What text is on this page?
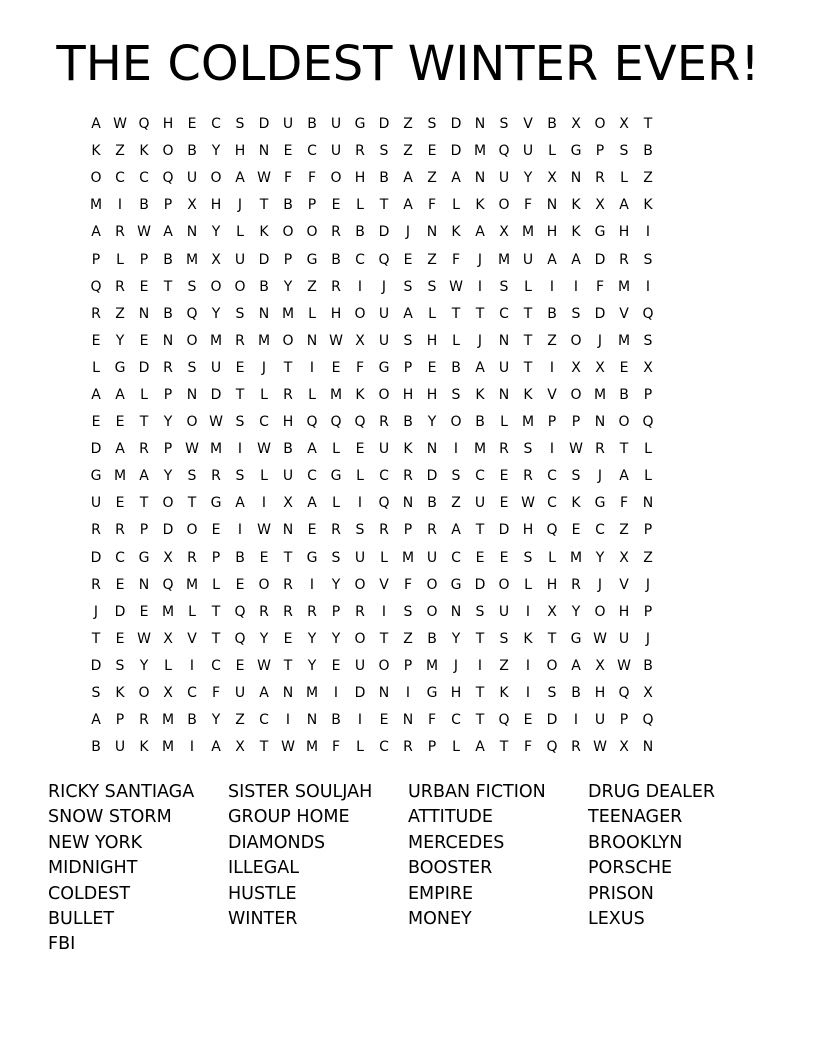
THE COLDEST WINTER EVER!
A W Q H	E	C	S	D U	B	U G D Z	S	D N	S	V	B	X O X	T
K	Z	K O B	Y	H N	E	C U	R	S	Z	E	D M Q U	L	G	P	S	B
O C	C Q U O A W F	F	O H B	A	Z	A N U	Y	X N R	L	Z
M	I	B	P	X H	J	T	B	P	E	L	T	A	F	L	K O	F	N	K	X	A	K
A	R W A N	Y	L	K O O R	B D	J	N	K	A	X M H	K G H	I
P	L	P	B M X	U D	P	G B	C Q	E	Z	F	J	M U	A	A D R	S
Q R	E	T	S	O O B	Y	Z	R	I	J	S	S W	I	S	L	I	I	F M	I
R	Z N B Q	Y	S	N M	L	H O U	A	L	T	T	C	T	B	S	D V Q
E	Y	E	N O M R M O N W X	U	S	H	L	J	N	T	Z O	J	M S
L	G D R	S	U	E	J	T	I	E	F	G	P	E	B	A	U	T	I	X	X	E	X
A	A	L	P	N D	T	L	R	L	M K O H H	S	K	N	K	V O M B	P
E	E	T	Y	O W S	C H Q Q Q R	B	Y	O B	L	M P	P	N O Q
D A	R	P W M	I	W B	A	L	E	U	K	N	I	M R	S	I	W R	T	L
G M A	Y	S	R	S	L	U C G	L	C	R D	S	C	E	R	C	S	J	A	L
U	E	T	O	T	G A	I	X	A	L	I	Q N B	Z	U	E W C	K G	F	N
R	R	P	D O	E	I	W N	E	R	S	R	P	R	A	T	D H Q	E	C	Z	P
D C G X	R	P	B	E	T	G	S	U	L	M U C	E	E	S	L	M Y	X	Z
R	E	N Q M	L	E	O R	I	Y	O V	F	O G D O	L	H R	J	V	J
J	D	E M	L	T	Q R	R	R	P	R	I	S	O N	S	U	I	X	Y	O H	P
T	E W X	V	T	Q	Y	E	Y	Y	O	T	Z	B	Y	T	S	K	T	G W U	J
D	S	Y	L	I	C	E W T	Y	E	U O	P M	J	I	Z	I	O A	X W B
S	K O X	C	F	U	A N M	I	D N	I	G H	T	K	I	S	B H Q X
A	P	R M B	Y	Z	C	I	N B	I	E	N	F	C	T	Q	E	D	I	U	P	Q
B	U	K M	I	A	X	T W M F	L	C	R	P	L	A	T	F	Q R W X N
RICKY SANTIAGA	SISTER SOULJAH	URBAN FICTION	DRUG DEALER
SNOW STORM	GROUP HOME	ATTITUDE	TEENAGER
NEW YORK	DIAMONDS	MERCEDES	BROOKLYN
MIDNIGHT	ILLEGAL	BOOSTER	PORSCHE
COLDEST	HUSTLE	EMPIRE	PRISON
BULLET	WINTER	MONEY	LEXUS
FBI
